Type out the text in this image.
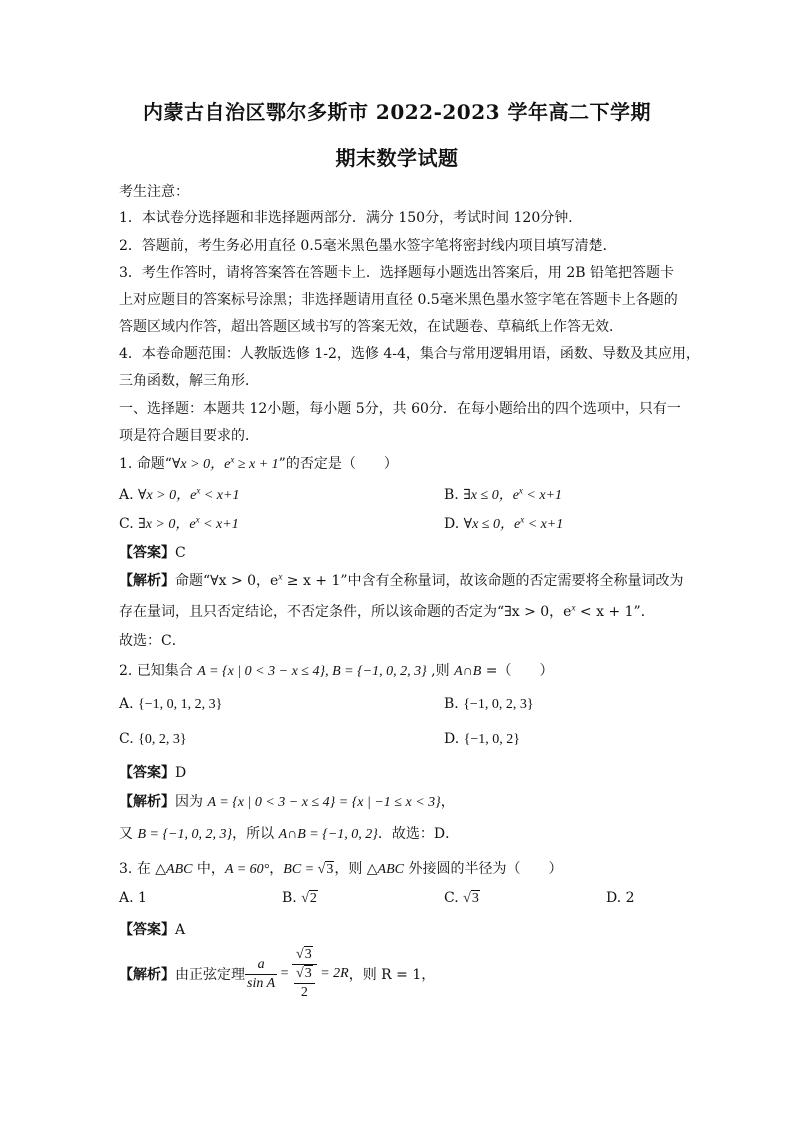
内蒙古自治区鄂尔多斯市 2022-2023 学年高二下学期
期末数学试题
考生注意：
1．本试卷分选择题和非选择题两部分．满分 150分，考试时间 120分钟．
2．答题前，考生务必用直径 0.5毫米黑色墨水签字笔将密封线内项目填写清楚．
3．考生作答时，请将答案答在答题卡上．选择题每小题选出答案后，用 2B 铅笔把答题卡
上对应题目的答案标号涂黑；非选择题请用直径 0.5毫米黑色墨水签字笔在答题卡上各题的
答题区域内作答，超出答题区域书写的答案无效，在试题卷、草稿纸上作答无效．
4．本卷命题范围：人教版选修 1-2，选修 4-4，集合与常用逻辑用语，函数、导数及其应用，
三角函数，解三角形．
一、选择题：本题共 12小题，每小题 5分，共 60分．在每小题给出的四个选项中，只有一
项是符合题目要求的．
1. 命题“∀x > 0，$e^x \ge x + 1$”的否定是（　　）
A. ∀x > 0，$e^x < x+1$	B. ∃x ≤ 0，$e^x < x+1$
C. ∃x > 0，$e^x < x+1$	D. ∀x ≤ 0，$e^x < x+1$
【答案】C
【解析】命题“∀x > 0，$e^x \ge x + 1$”中含有全称量词，故该命题的否定需要将全称量词改为
存在量词，且只否定结论，不否定条件，所以该命题的否定为“∃x > 0，$e^x < x + 1$”．
故选：C．
2. 已知集合 A = {x | 0 < 3 − x ≤ 4}, B = {−1, 0, 2, 3} ,则 A∩B =（　　）
A. {−1, 0, 1, 2, 3}	B. {−1, 0, 2, 3}
C. {0, 2, 3}	D. {−1, 0, 2}
【答案】D
【解析】因为 A = {x | 0 < 3 − x ≤ 4} = {x | −1 ≤ x < 3}，
又 B = {−1, 0, 2, 3}，所以 A∩B = {−1, 0, 2}．故选：D．
3. 在 △ABC 中，A = 60°，BC = √3，则 △ABC 外接圆的半径为（　　）
A. 1	B. √2	C. √3	D. 2
【答案】A
【解析】由正弦定理 $\frac{a}{\text{sin A}} = \frac{√3}{\frac{√3}{2}} = 2R$，则 R = 1，
